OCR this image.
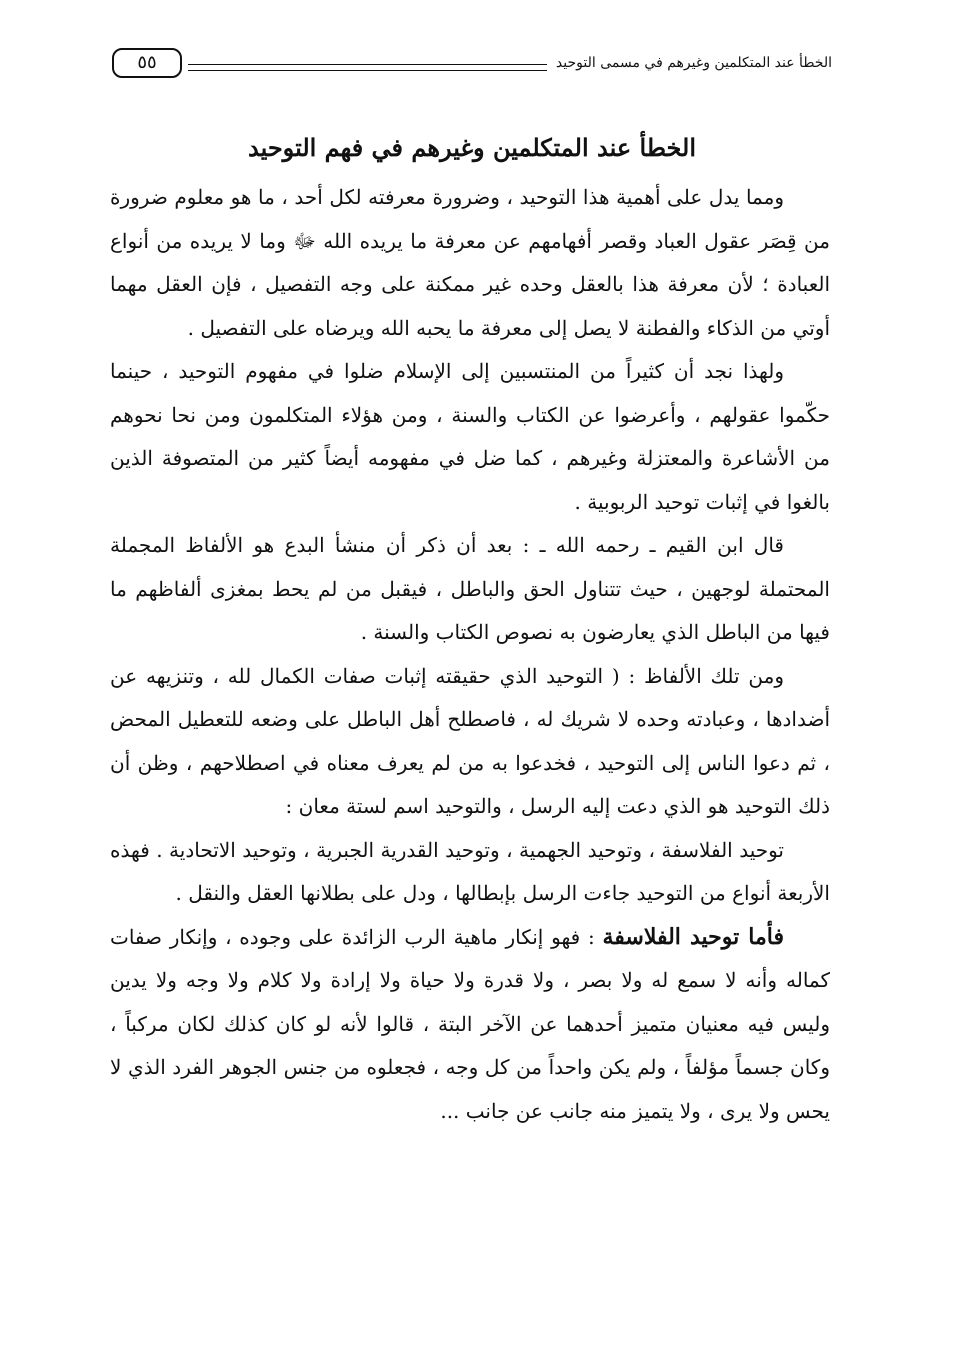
٥٥	الخطأ عند المتكلمين وغيرهم في مسمى التوحيد
الخطأ عند المتكلمين وغيرهم في فهم التوحيد

ومما يدل على أهمية هذا التوحيد ، وضرورة معرفته لكل أحد ، ما هو معلوم ضرورة من قِصَر عقول العباد وقصر أفهامهم عن معرفة ما يريده الله ﷻ وما لا يريده من أنواع العبادة ؛ لأن معرفة هذا بالعقل وحده غير ممكنة على وجه التفصيل ، فإن العقل مهما أوتي من الذكاء والفطنة لا يصل إلى معرفة ما يحبه الله ويرضاه على التفصيل .

ولهذا نجد أن كثيراً من المنتسبين إلى الإسلام ضلوا في مفهوم التوحيد ، حينما حكّموا عقولهم ، وأعرضوا عن الكتاب والسنة ، ومن هؤلاء المتكلمون ومن نحا نحوهم من الأشاعرة والمعتزلة وغيرهم ، كما ضل في مفهومه أيضاً كثير من المتصوفة الذين بالغوا في إثبات توحيد الربوبية .

قال ابن القيم ـ رحمه الله ـ : بعد أن ذكر أن منشأ البدع هو الألفاظ المجملة المحتملة لوجهين ، حيث تتناول الحق والباطل ، فيقبل من لم يحط بمغزى ألفاظهم ما فيها من الباطل الذي يعارضون به نصوص الكتاب والسنة .

ومن تلك الألفاظ : ( التوحيد الذي حقيقته إثبات صفات الكمال لله ، وتنزيهه عن أضدادها ، وعبادته وحده لا شريك له ، فاصطلح أهل الباطل على وضعه للتعطيل المحض ، ثم دعوا الناس إلى التوحيد ، فخدعوا به من لم يعرف معناه في اصطلاحهم ، وظن أن ذلك التوحيد هو الذي دعت إليه الرسل ، والتوحيد اسم لستة معان :

توحيد الفلاسفة ، وتوحيد الجهمية ، وتوحيد القدرية الجبرية ، وتوحيد الاتحادية . فهذه الأربعة أنواع من التوحيد جاءت الرسل بإبطالها ، ودل على بطلانها العقل والنقل .

فأما توحيد الفلاسفة : فهو إنكار ماهية الرب الزائدة على وجوده ، وإنكار صفات كماله وأنه لا سمع له ولا بصر ، ولا قدرة ولا حياة ولا إرادة ولا كلام ولا وجه ولا يدين وليس فيه معنيان متميز أحدهما عن الآخر البتة ، قالوا لأنه لو كان كذلك لكان مركباً ، وكان جسماً مؤلفاً ، ولم يكن واحداً من كل وجه ، فجعلوه من جنس الجوهر الفرد الذي لا يحس ولا يرى ، ولا يتميز منه جانب عن جانب ...
